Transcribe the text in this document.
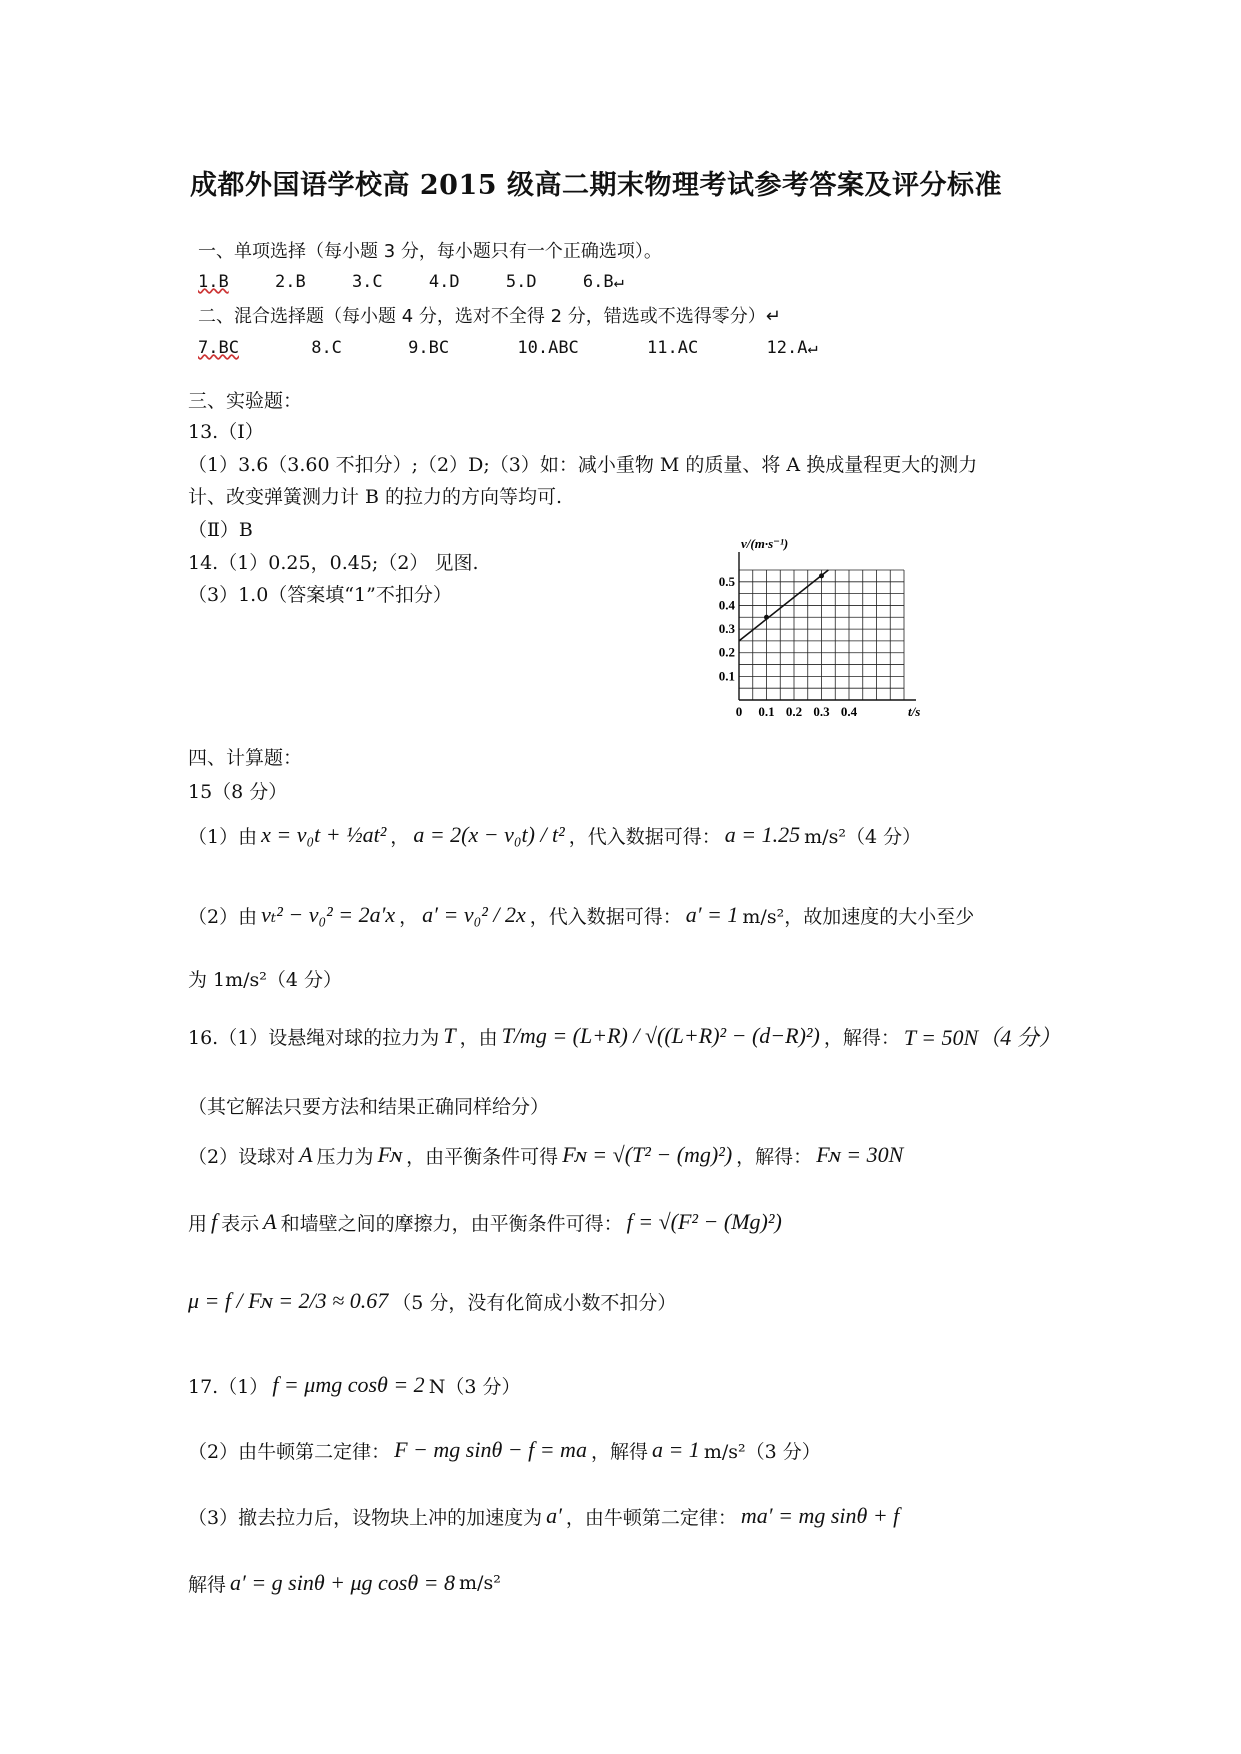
成都外国语学校高 2015 级高二期末物理考试参考答案及评分标准
一、单项选择（每小题 3 分，每小题只有一个正确选项）。
1.B	2.B	3.C	4.D	5.D	6.B↵
二、混合选择题（每小题 4 分，选对不全得 2 分，错选或不选得零分）↵
7.BC	8.C	9.BC	10.ABC	11.AC	12.A↵
三、实验题：
13.（Ⅰ）
（1）3.6（3.60 不扣分）;（2）D;（3）如：减小重物 M 的质量、将 A 换成量程更大的测力
计、改变弹簧测力计 B 的拉力的方向等均可.
（Ⅱ）B
14.（1）0.25，0.45;（2） 见图.
（3）1.0（答案填“1”不扣分）
0 0.1 0.2 0.3 0.4
0.1
0.2
0.3
0.4
0.5
v/(m·s⁻¹)
t/s
四、计算题：
15（8 分）
（1）由 x = v₀t + ½at² ， a = 2(x − v₀t) / t² ，代入数据可得： a = 1.25 m/s²（4 分）
（2）由 vₜ² − v₀² = 2a′x ， a′ = v₀² / 2x ，代入数据可得： a′ = 1 m/s²，故加速度的大小至少
为 1m/s²（4 分）
16.（1）设悬绳对球的拉力为 T ，由 T/mg = (L+R) / √((L+R)² − (d−R)²) ，解得： T = 50N（4 分）
（其它解法只要方法和结果正确同样给分）
（2）设球对 A 压力为 Fɴ ，由平衡条件可得 Fɴ = √(T² − (mg)²) ，解得： Fɴ = 30N
用 f 表示 A 和墙壁之间的摩擦力，由平衡条件可得： f = √(F² − (Mg)²)
μ = f / Fɴ = 2/3 ≈ 0.67 （5 分，没有化简成小数不扣分）
17.（1） f = μmg cosθ = 2 N（3 分）
（2）由牛顿第二定律： F − mg sinθ − f = ma ，解得 a = 1 m/s²（3 分）
（3）撤去拉力后，设物块上冲的加速度为 a′ ，由牛顿第二定律： ma′ = mg sinθ + f
解得 a′ = g sinθ + μg cosθ = 8 m/s²
